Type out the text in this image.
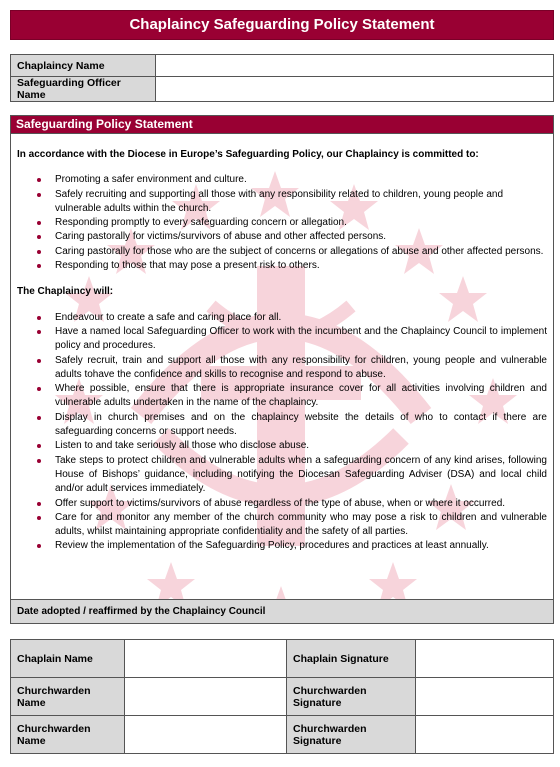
Chaplaincy Safeguarding Policy Statement
Chaplaincy Name	
Safeguarding Officer Name	
Safeguarding Policy Statement
In accordance with the Diocese in Europe’s Safeguarding Policy, our Chaplaincy is committed to:
Promoting a safer environment and culture.
Safely recruiting and supporting all those with any responsibility related to children, young people and vulnerable adults within the church.
Responding promptly to every safeguarding concern or allegation.
Caring pastorally for victims/survivors of abuse and other affected persons.
Caring pastorally for those who are the subject of concerns or allegations of abuse and other affected persons.
Responding to those that may pose a present risk to others.
The Chaplaincy will:
Endeavour to create a safe and caring place for all.
Have a named local Safeguarding Officer to work with the incumbent and the Chaplaincy Council to implement policy and procedures.
Safely recruit, train and support all those with any responsibility for children, young people and vulnerable adults tohave the confidence and skills to recognise and respond to abuse.
Where possible, ensure that there is appropriate insurance cover for all activities involving children and vulnerable adults undertaken in the name of the chaplaincy.
Display in church premises and on the chaplaincy website the details of who to contact if there are safeguarding concerns or support needs.
Listen to and take seriously all those who disclose abuse.
Take steps to protect children and vulnerable adults when a safeguarding concern of any kind arises, following House of Bishops’ guidance, including notifying the Diocesan Safeguarding Adviser (DSA) and local child and/or adult services immediately.
Offer support to victims/survivors of abuse regardless of the type of abuse, when or where it occurred.
Care for and monitor any member of the church community who may pose a risk to children and vulnerable adults, whilst maintaining appropriate confidentiality and the safety of all parties.
Review the implementation of the Safeguarding Policy, procedures and practices at least annually.
Date adopted / reaffirmed by the Chaplaincy Council
Chaplain Name		Chaplain Signature	
Churchwarden Name		Churchwarden Signature	
Churchwarden Name		Churchwarden Signature	
